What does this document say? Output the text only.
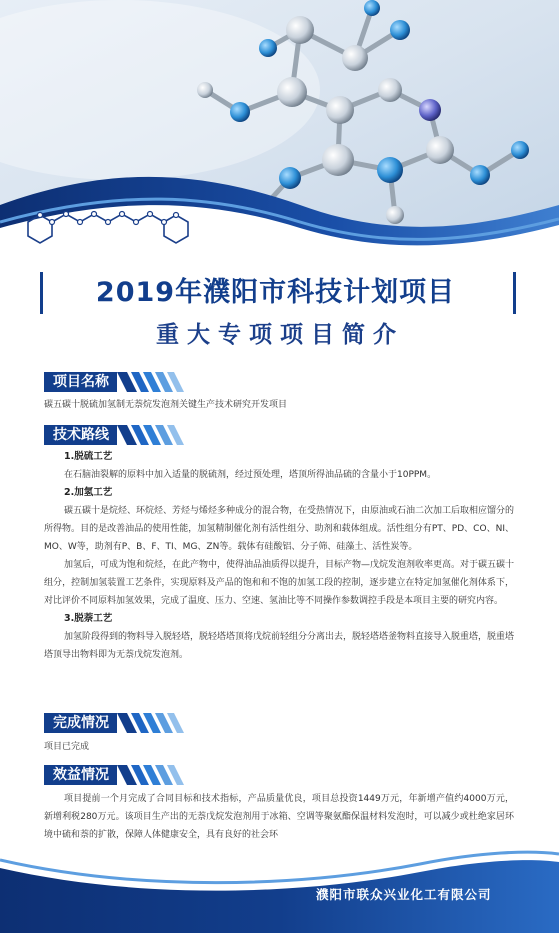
2019年濮阳市科技计划项目
重大专项项目简介
项目名称
碳五碳十脱硫加氢制无萘烷发泡剂关键生产技术研究开发项目
技术路线
1.脱硫工艺
在石脑油裂解的原料中加入适量的脱硫剂，经过预处理，塔顶所得油品硫的含量小于10PPM。
2.加氢工艺
碳五碳十是烷烃、环烷烃、芳烃与烯烃多种成分的混合物，在受热情况下，由原油或石油二次加工后取相应馏分的所得物。目的是改善油品的使用性能，加氢精制催化剂有活性组分、助剂和载体组成。活性组分有PT、PD、CO、NI、MO、W等，助剂有P、B、F、TI、MG、ZN等。载体有硅酸铝、分子筛、硅藻土、活性炭等。
加氢后，可成为饱和烷烃，在此产物中，使得油品油质得以提升，目标产物—戊烷发泡剂收率更高。对于碳五碳十组分，控制加氢装置工艺条件，实现原料及产品的饱和和不饱的加氢工段的控制，逐步建立在特定加氢催化剂体系下，对比评价不同原料加氢效果，完成了温度、压力、空速、氢油比等不同操作参数调控手段是本项目主要的研究内容。
3.脱萘工艺
加氢阶段得到的物料导入脱轻塔，脱轻塔塔顶将戊烷前轻组分分离出去，脱轻塔塔釜物料直接导入脱重塔，脱重塔塔顶导出物料即为无萘戊烷发泡剂。
完成情况
项目已完成
效益情况
项目提前一个月完成了合同目标和技术指标，产品质量优良，项目总投资1449万元，年新增产值约4000万元，新增利税280万元。该项目生产出的无萘戊烷发泡剂用于冰箱、空调等聚氨酯保温材料发泡时，可以减少或杜绝家居环境中硫和萘的扩散，保障人体健康安全，具有良好的社会环
濮阳市联众兴业化工有限公司
